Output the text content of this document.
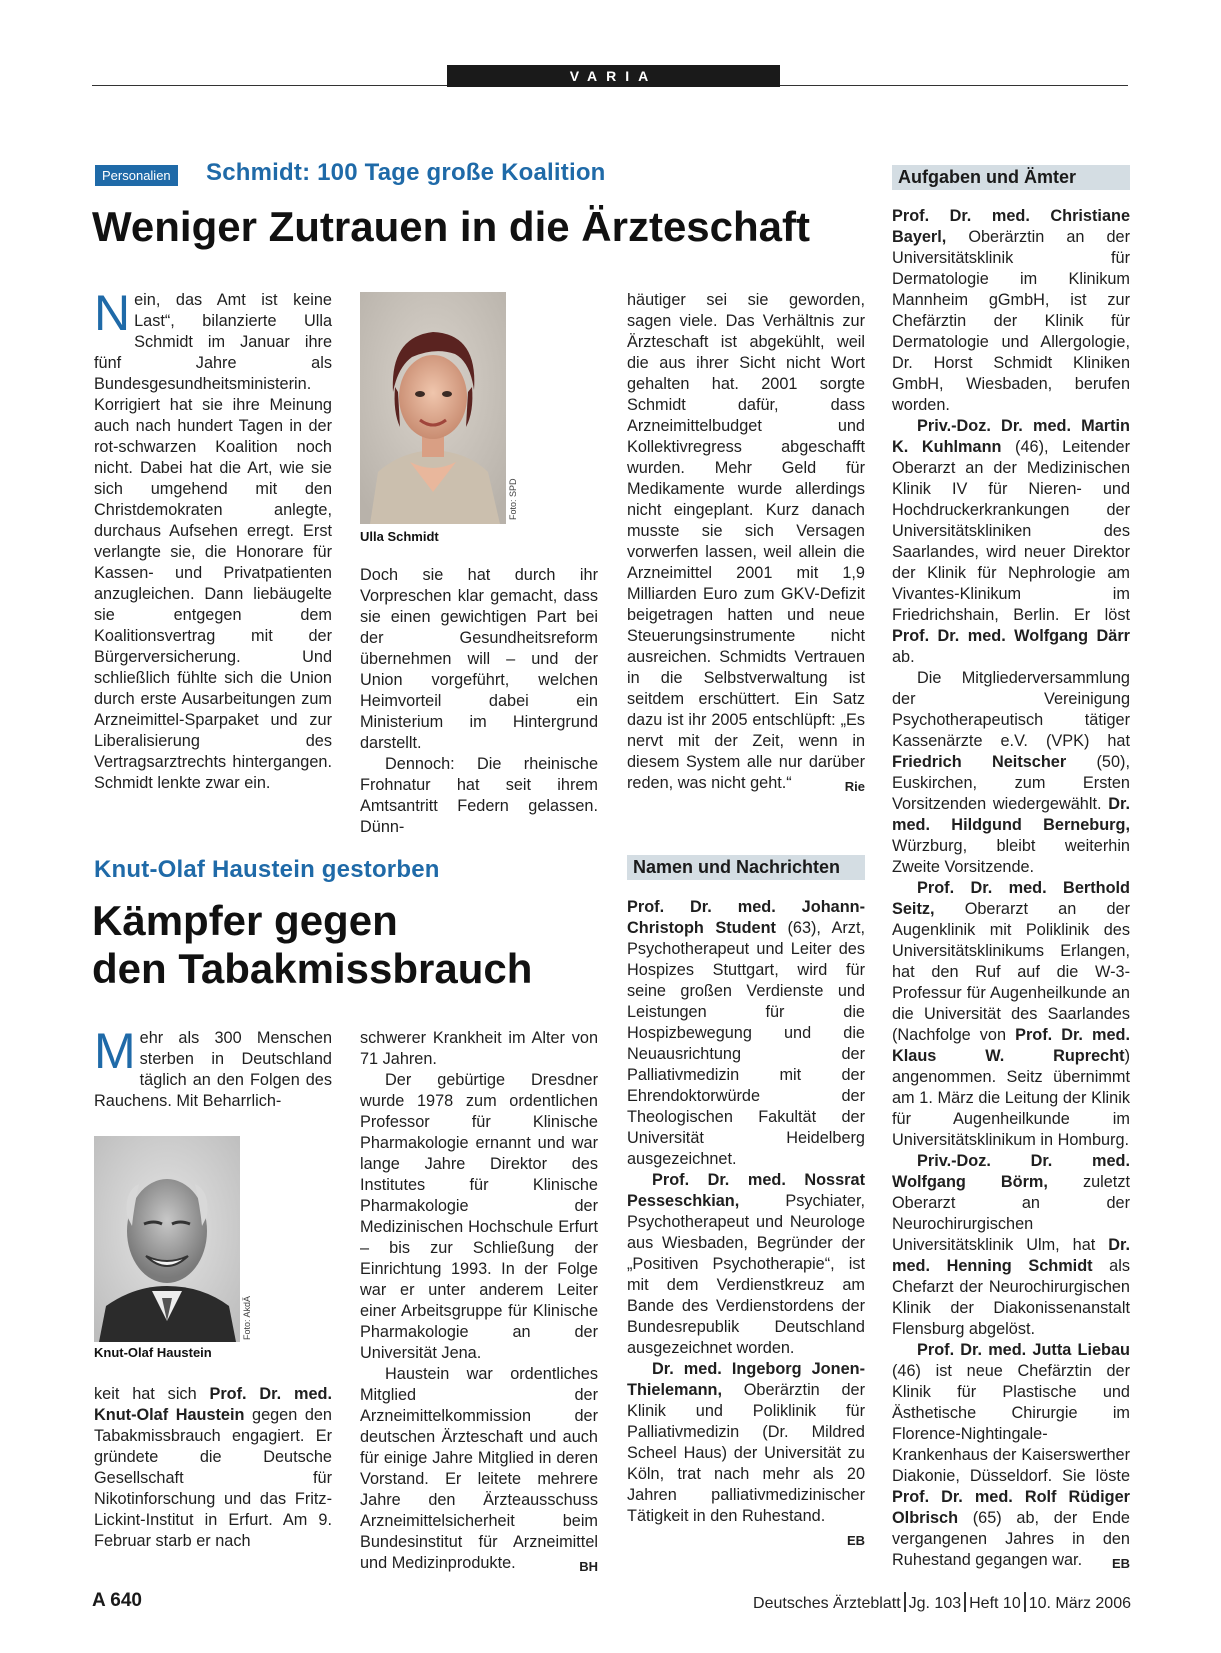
VARIA
Personalien Schmidt: 100 Tage große Koalition
Weniger Zutrauen in die Ärzteschaft

Nein, das Amt ist keine Last“, bilanzierte Ulla Schmidt im Januar ihre fünf Jahre als Bundesgesundheitsministerin. Korrigiert hat sie ihre Meinung auch nach hundert Tagen in der rot-schwarzen Koalition noch nicht. Dabei hat die Art, wie sie sich umgehend mit den Christdemokraten anlegte, durchaus Aufsehen erregt. Erst verlangte sie, die Honorare für Kassen- und Privatpatienten anzugleichen. Dann liebäugelte sie entgegen dem Koalitionsvertrag mit der Bürgerversicherung. Und schließlich fühlte sich die Union durch erste Ausarbeitungen zum Arzneimittel-Sparpaket und zur Liberalisierung des Vertragsarztrechts hintergangen. Schmidt lenkte zwar ein.

Foto: SPD
Ulla Schmidt

Doch sie hat durch ihr Vorpreschen klar gemacht, dass sie einen gewichtigen Part bei der Gesundheitsreform übernehmen will – und der Union vorgeführt, welchen Heimvorteil dabei ein Ministerium im Hintergrund darstellt.

Dennoch: Die rheinische Frohnatur hat seit ihrem Amtsantritt Federn gelassen. Dünn-

häutiger sei sie geworden, sagen viele. Das Verhältnis zur Ärzteschaft ist abgekühlt, weil die aus ihrer Sicht nicht Wort gehalten hat. 2001 sorgte Schmidt dafür, dass Arzneimittelbudget und Kollektivregress abgeschafft wurden. Mehr Geld für Medikamente wurde allerdings nicht eingeplant. Kurz danach musste sie sich Versagen vorwerfen lassen, weil allein die Arzneimittel 2001 mit 1,9 Milliarden Euro zum GKV-Defizit beigetragen hatten und neue Steuerungsinstrumente nicht ausreichen. Schmidts Vertrauen in die Selbstverwaltung ist seitdem erschüttert. Ein Satz dazu ist ihr 2005 entschlüpft: „Es nervt mit der Zeit, wenn in diesem System alle nur darüber reden, was nicht geht.“	Rie

Knut-Olaf Haustein gestorben
Kämpfer gegen
den Tabakmissbrauch

Mehr als 300 Menschen sterben in Deutschland täglich an den Folgen des Rauchens. Mit Beharrlich-

Foto: AkdÄ
Knut-Olaf Haustein

keit hat sich Prof. Dr. med. Knut-Olaf Haustein gegen den Tabakmissbrauch engagiert. Er gründete die Deutsche Gesellschaft für Nikotinforschung und das Fritz-Lickint-Institut in Erfurt. Am 9. Februar starb er nach

schwerer Krankheit im Alter von 71 Jahren.

Der gebürtige Dresdner wurde 1978 zum ordentlichen Professor für Klinische Pharmakologie ernannt und war lange Jahre Direktor des Institutes für Klinische Pharmakologie der Medizinischen Hochschule Erfurt – bis zur Schließung der Einrichtung 1993. In der Folge war er unter anderem Leiter einer Arbeitsgruppe für Klinische Pharmakologie an der Universität Jena.

Haustein war ordentliches Mitglied der Arzneimittelkommission der deutschen Ärzteschaft und auch für einige Jahre Mitglied in deren Vorstand. Er leitete mehrere Jahre den Ärzteausschuss Arzneimittelsicherheit beim Bundesinstitut für Arzneimittel und Medizinprodukte.	BH

Namen und Nachrichten

Prof. Dr. med. Johann-Christoph Student (63), Arzt, Psychotherapeut und Leiter des Hospizes Stuttgart, wird für seine großen Verdienste und Leistungen für die Hospizbewegung und die Neuausrichtung der Palliativmedizin mit der Ehrendoktorwürde der Theologischen Fakultät der Universität Heidelberg ausgezeichnet.

Prof. Dr. med. Nossrat Pesseschkian, Psychiater, Psychotherapeut und Neurologe aus Wiesbaden, Begründer der „Positiven Psychotherapie“, ist mit dem Verdienstkreuz am Bande des Verdienstordens der Bundesrepublik Deutschland ausgezeichnet worden.

Dr. med. Ingeborg Jonen-Thielemann, Oberärztin der Klinik und Poliklinik für Palliativmedizin (Dr. Mildred Scheel Haus) der Universität zu Köln, trat nach mehr als 20 Jahren palliativmedizinischer Tätigkeit in den Ruhestand.
EB

Aufgaben und Ämter

Prof. Dr. med. Christiane Bayerl, Oberärztin an der Universitätsklinik für Dermatologie im Klinikum Mannheim gGmbH, ist zur Chefärztin der Klinik für Dermatologie und Allergologie, Dr. Horst Schmidt Kliniken GmbH, Wiesbaden, berufen worden.

Priv.-Doz. Dr. med. Martin K. Kuhlmann (46), Leitender Oberarzt an der Medizinischen Klinik IV für Nieren- und Hochdruckerkrankungen der Universitätskliniken des Saarlandes, wird neuer Direktor der Klinik für Nephrologie am Vivantes-Klinikum im Friedrichshain, Berlin. Er löst Prof. Dr. med. Wolfgang Därr ab.

Die Mitgliederversammlung der Vereinigung Psychotherapeutisch tätiger Kassenärzte e.V. (VPK) hat Friedrich Neitscher (50), Euskirchen, zum Ersten Vorsitzenden wiedergewählt. Dr. med. Hildgund Berneburg, Würzburg, bleibt weiterhin Zweite Vorsitzende.

Prof. Dr. med. Berthold Seitz, Oberarzt an der Augenklinik mit Poliklinik des Universitätsklinikums Erlangen, hat den Ruf auf die W-3-Professur für Augenheilkunde an die Universität des Saarlandes (Nachfolge von Prof. Dr. med. Klaus W. Ruprecht) angenommen. Seitz übernimmt am 1. März die Leitung der Klinik für Augenheilkunde im Universitätsklinikum in Homburg.

Priv.-Doz. Dr. med. Wolfgang Börm, zuletzt Oberarzt an der Neurochirurgischen Universitätsklinik Ulm, hat Dr. med. Henning Schmidt als Chefarzt der Neurochirurgischen Klinik der Diakonissenanstalt Flensburg abgelöst.

Prof. Dr. med. Jutta Liebau (46) ist neue Chefärztin der Klinik für Plastische und Ästhetische Chirurgie im Florence-Nightingale-Krankenhaus der Kaiserswerther Diakonie, Düsseldorf. Sie löste Prof. Dr. med. Rolf Rüdiger Olbrisch (65) ab, der Ende vergangenen Jahres in den Ruhestand gegangen war.	EB

A 640	Deutsches Ärzteblatt Jg. 103 Heft 10 10. März 2006
